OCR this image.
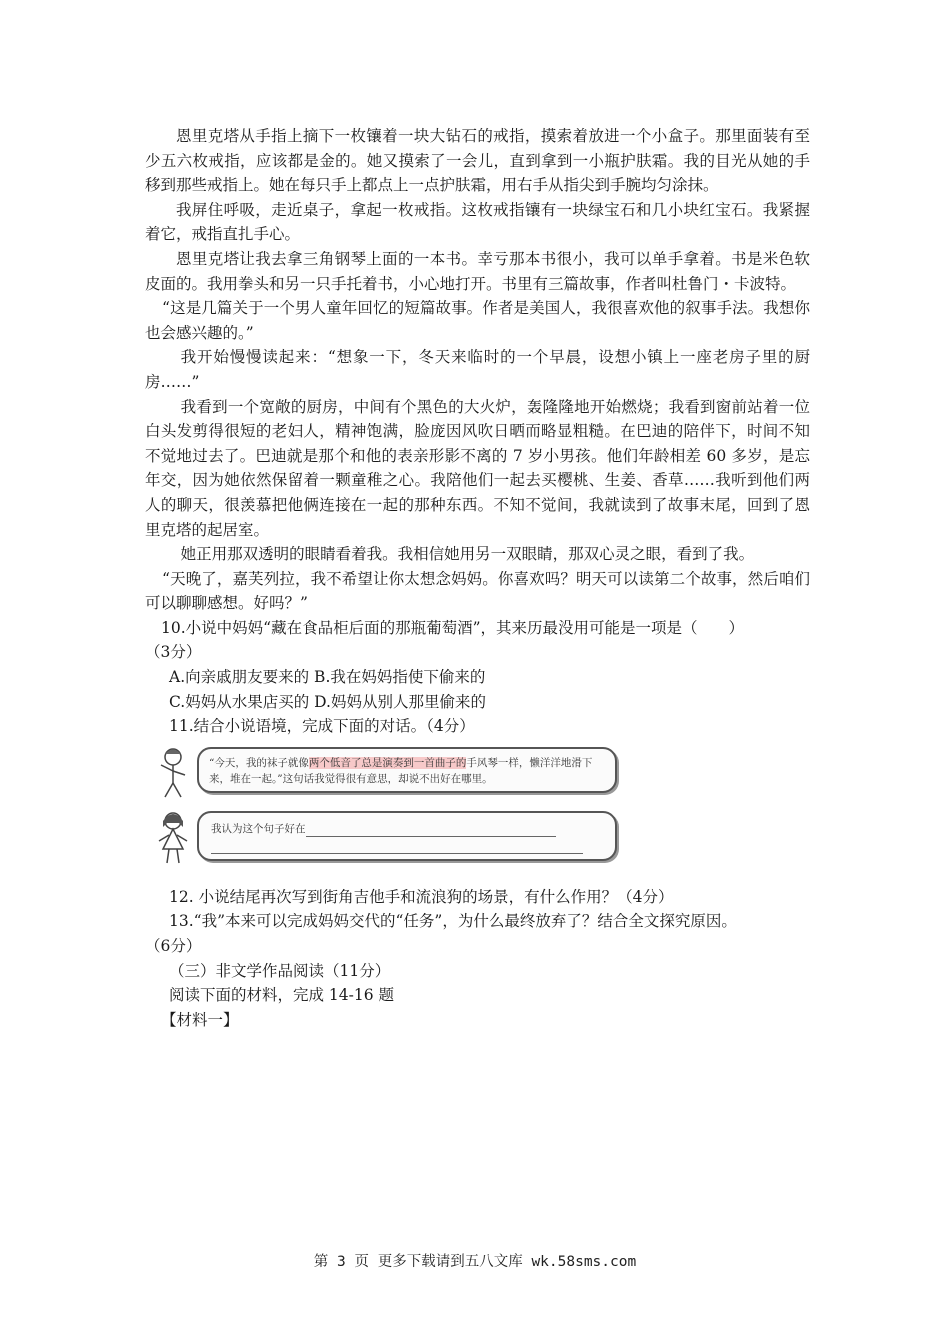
恩里克塔从手指上摘下一枚镶着一块大钻石的戒指，摸索着放进一个小盒子。那里面装有至少五六枚戒指，应该都是金的。她又摸索了一会儿，直到拿到一小瓶护肤霜。我的目光从她的手移到那些戒指上。她在每只手上都点上一点护肤霜，用右手从指尖到手腕均匀涂抹。

我屏住呼吸，走近桌子，拿起一枚戒指。这枚戒指镶有一块绿宝石和几小块红宝石。我紧握着它，戒指直扎手心。

恩里克塔让我去拿三角钢琴上面的一本书。幸亏那本书很小，我可以单手拿着。书是米色软皮面的。我用拳头和另一只手托着书，小心地打开。书里有三篇故事，作者叫杜鲁门・卡波特。

“这是几篇关于一个男人童年回忆的短篇故事。作者是美国人，我很喜欢他的叙事手法。我想你也会感兴趣的。”

我开始慢慢读起来：“想象一下，冬天来临时的一个早晨，设想小镇上一座老房子里的厨房……”

我看到一个宽敞的厨房，中间有个黑色的大火炉，轰隆隆地开始燃烧；我看到窗前站着一位白头发剪得很短的老妇人，精神饱满，脸庞因风吹日晒而略显粗糙。在巴迪的陪伴下，时间不知不觉地过去了。巴迪就是那个和他的表亲形影不离的 7 岁小男孩。他们年龄相差 60 多岁，是忘年交，因为她依然保留着一颗童稚之心。我陪他们一起去买樱桃、生姜、香草……我听到他们两人的聊天，很羡慕把他俩连接在一起的那种东西。不知不觉间，我就读到了故事末尾，回到了恩里克塔的起居室。

她正用那双透明的眼睛看着我。我相信她用另一双眼睛，那双心灵之眼，看到了我。

“天晚了，嘉芙列拉，我不希望让你太想念妈妈。你喜欢吗？明天可以读第二个故事，然后咱们可以聊聊感想。好吗？”

10.小说中妈妈“藏在食品柜后面的那瓶葡萄酒”，其来历最没用可能是一项是（　　）

（3分）

A.向亲戚朋友要来的 B.我在妈妈指使下偷来的

C.妈妈从水果店买的 D.妈妈从别人那里偷来的

11.结合小说语境，完成下面的对话。（4分）

“今天，我的袜子就像两个低音了总是演奏到一首曲子的手风琴一样，懒洋洋地滑下来，堆在一起。”这句话我觉得很有意思，却说不出好在哪里。
我认为这个句子好在

12. 小说结尾再次写到街角吉他手和流浪狗的场景，有什么作用？（4分）

13.“我”本来可以完成妈妈交代的“任务”，为什么最终放弃了？结合全文探究原因。

（6分）

（三）非文学作品阅读（11分）

阅读下面的材料，完成 14-16 题

【材料一】

第 3 页 更多下载请到五八文库 wk.58sms.com
